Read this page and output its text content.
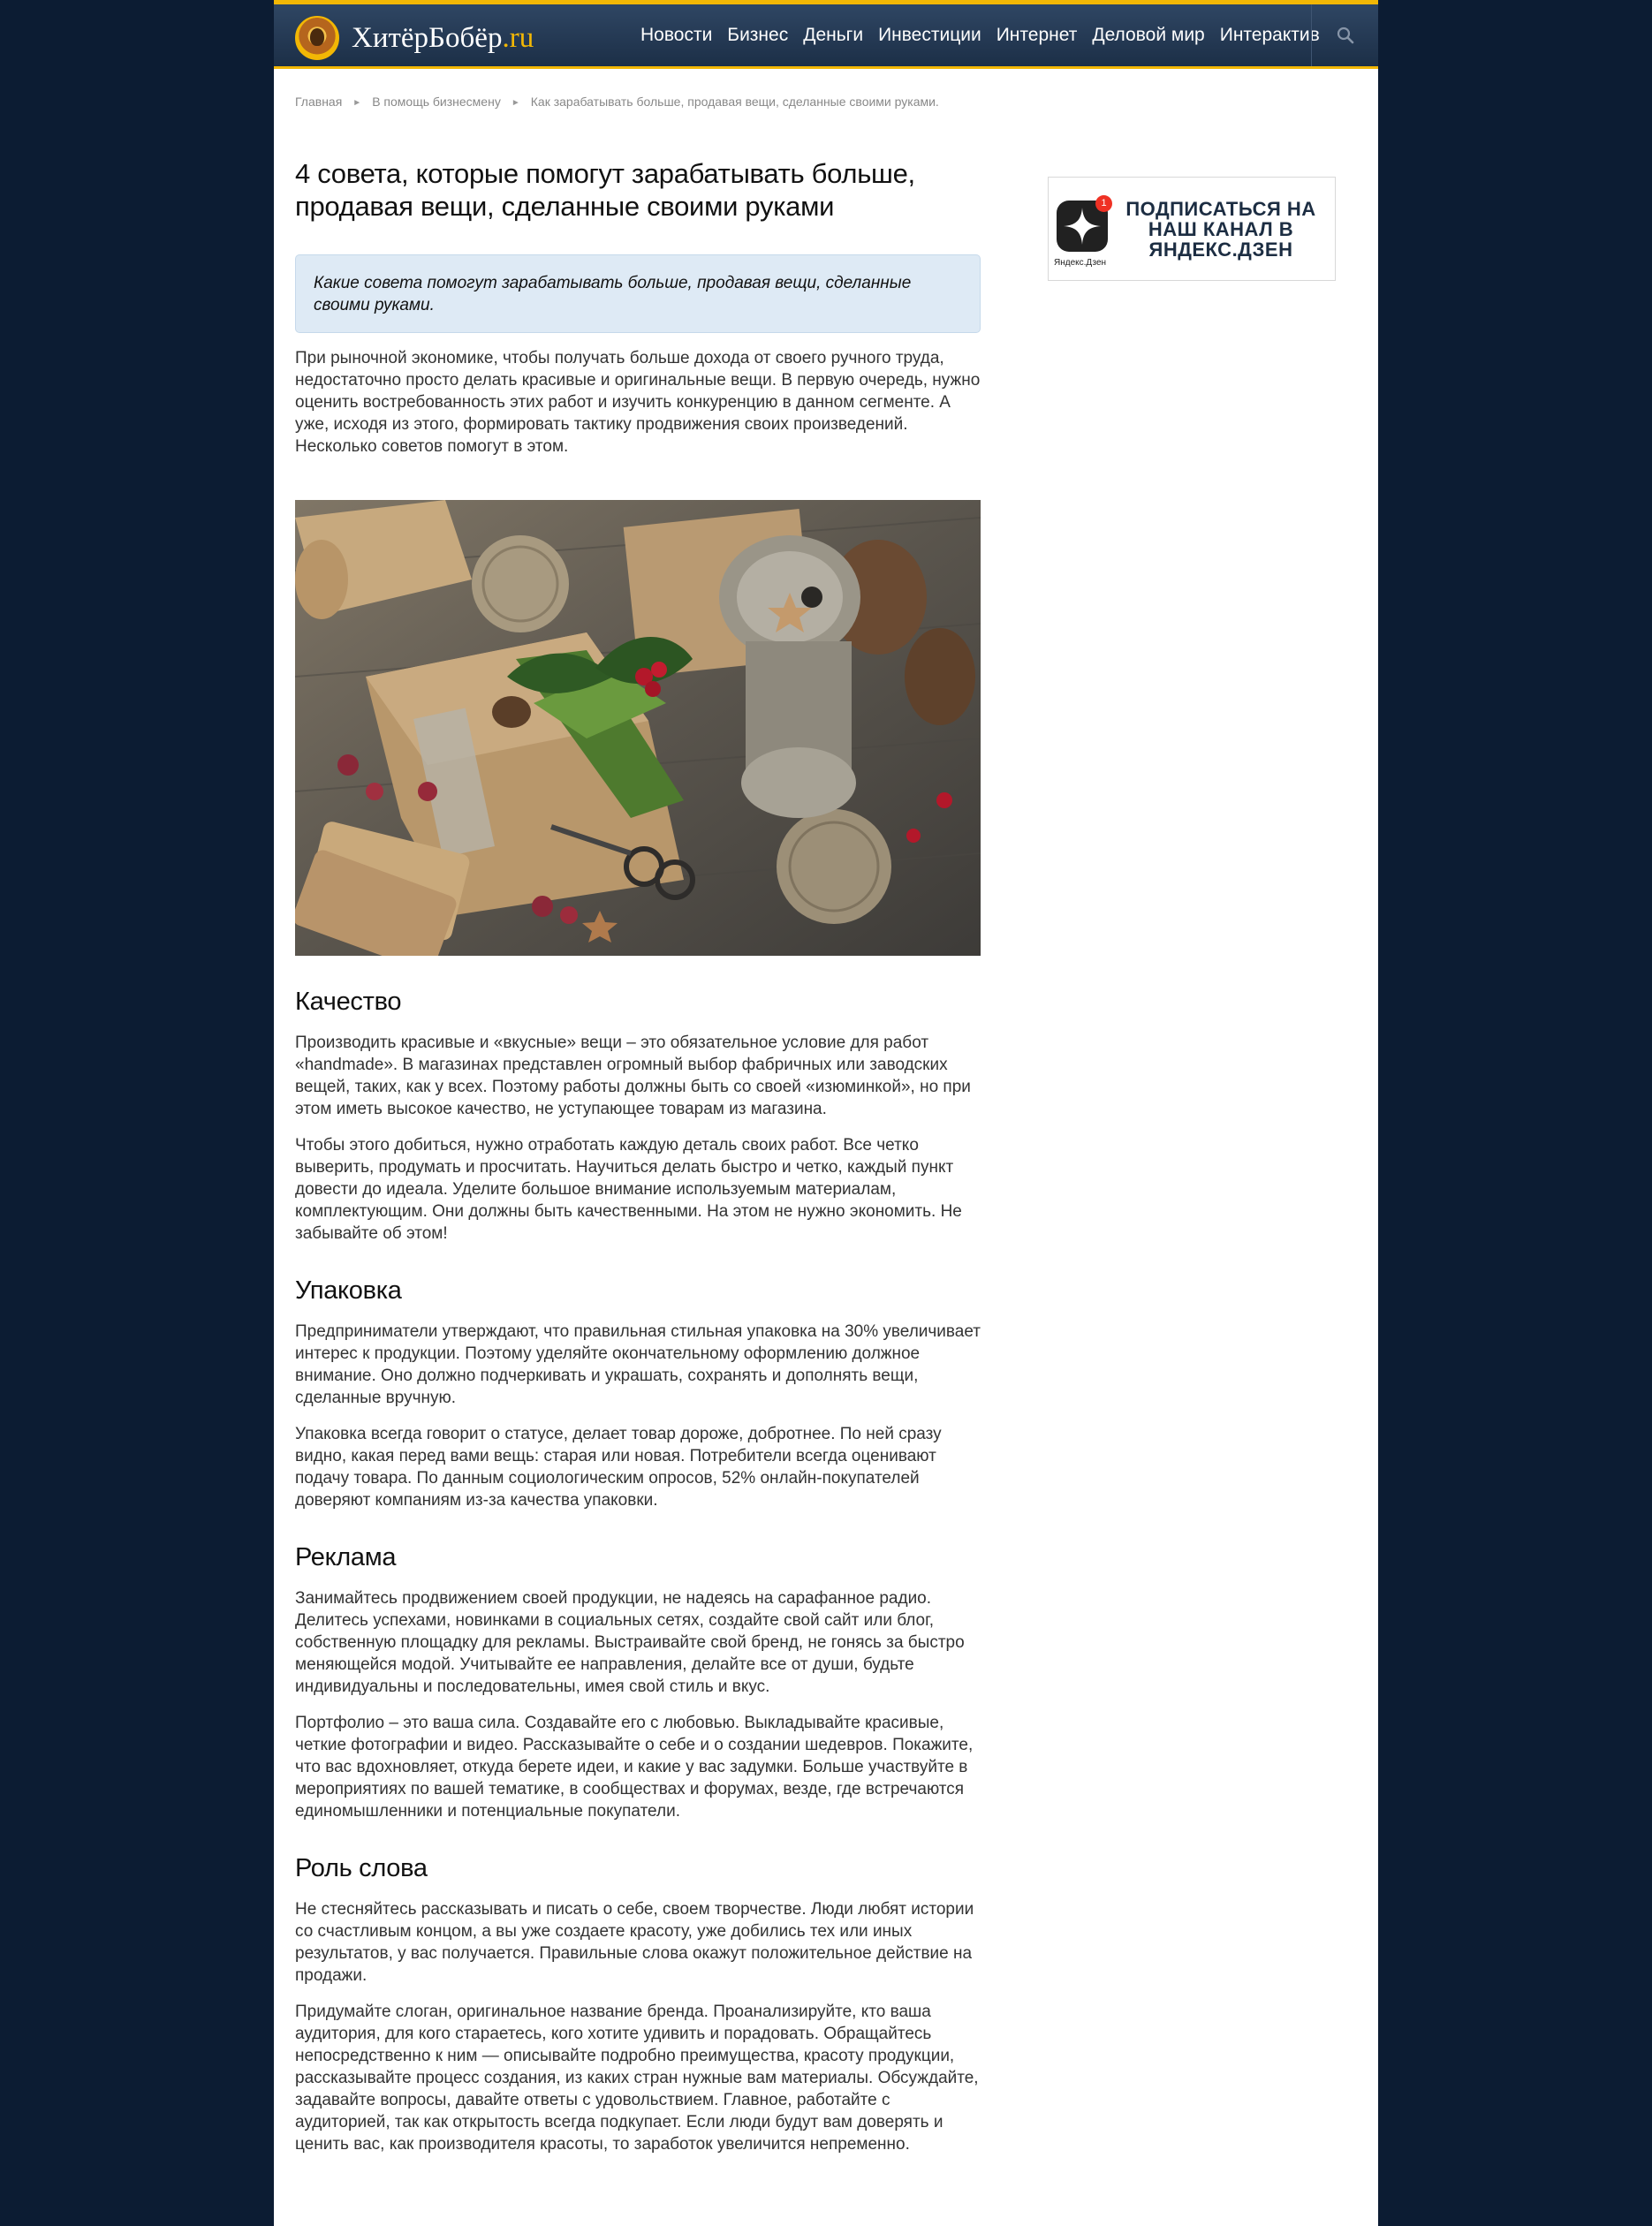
ХитёрБобёр.ru	Новости Бизнес Деньги Инвестиции Интернет Деловой мир Интерактив
Главная ► В помощь бизнесмену ► Как зарабатывать больше, продавая вещи, сделанные своими руками.
4 совета, которые помогут зарабатывать больше, продавая вещи, сделанные своими руками
Какие совета помогут зарабатывать больше, продавая вещи, сделанные своими руками.

При рыночной экономике, чтобы получать больше дохода от своего ручного труда, недостаточно просто делать красивые и оригинальные вещи. В первую очередь, нужно оценить востребованность этих работ и изучить конкуренцию в данном сегменте. А уже, исходя из этого, формировать тактику продвижения своих произведений. Несколько советов помогут в этом.

Качество

Производить красивые и «вкусные» вещи – это обязательное условие для работ «handmade». В магазинах представлен огромный выбор фабричных или заводских вещей, таких, как у всех. Поэтому работы должны быть со своей «изюминкой», но при этом иметь высокое качество, не уступающее товарам из магазина.

Чтобы этого добиться, нужно отработать каждую деталь своих работ. Все четко выверить, продумать и просчитать. Научиться делать быстро и четко, каждый пункт довести до идеала. Уделите большое внимание используемым материалам, комплектующим. Они должны быть качественными. На этом не нужно экономить. Не забывайте об этом!

Упаковка

Предприниматели утверждают, что правильная стильная упаковка на 30% увеличивает интерес к продукции. Поэтому уделяйте окончательному оформлению должное внимание. Оно должно подчеркивать и украшать, сохранять и дополнять вещи, сделанные вручную.

Упаковка всегда говорит о статусе, делает товар дороже, добротнее. По ней сразу видно, какая перед вами вещь: старая или новая. Потребители всегда оценивают подачу товара. По данным социологическим опросов, 52% онлайн-покупателей доверяют компаниям из-за качества упаковки.

Реклама

Занимайтесь продвижением своей продукции, не надеясь на сарафанное радио. Делитесь успехами, новинками в социальных сетях, создайте свой сайт или блог, собственную площадку для рекламы. Выстраивайте свой бренд, не гонясь за быстро меняющейся модой. Учитывайте ее направления, делайте все от души, будьте индивидуальны и последовательны, имея свой стиль и вкус.

Портфолио – это ваша сила. Создавайте его с любовью. Выкладывайте красивые, четкие фотографии и видео. Рассказывайте о себе и о создании шедевров. Покажите, что вас вдохновляет, откуда берете идеи, и какие у вас задумки. Больше участвуйте в мероприятиях по вашей тематике, в сообществах и форумах, везде, где встречаются единомышленники и потенциальные покупатели.

Роль слова

Не стесняйтесь рассказывать и писать о себе, своем творчестве. Люди любят истории со счастливым концом, а вы уже создаете красоту, уже добились тех или иных результатов, у вас получается. Правильные слова окажут положительное действие на продажи.

Придумайте слоган, оригинальное название бренда. Проанализируйте, кто ваша аудитория, для кого стараетесь, кого хотите удивить и порадовать. Обращайтесь непосредственно к ним — описывайте подробно преимущества, красоту продукции, рассказывайте процесс создания, из каких стран нужные вам материалы. Обсуждайте, задавайте вопросы, давайте ответы с удовольствием. Главное, работайте с аудиторией, так как открытость всегда подкупает. Если люди будут вам доверять и ценить вас, как производителя красоты, то заработок увеличится непременно.

1
Яндекс.Дзен
ПОДПИСАТЬСЯ НА НАШ КАНАЛ В ЯНДЕКС.ДЗЕН
